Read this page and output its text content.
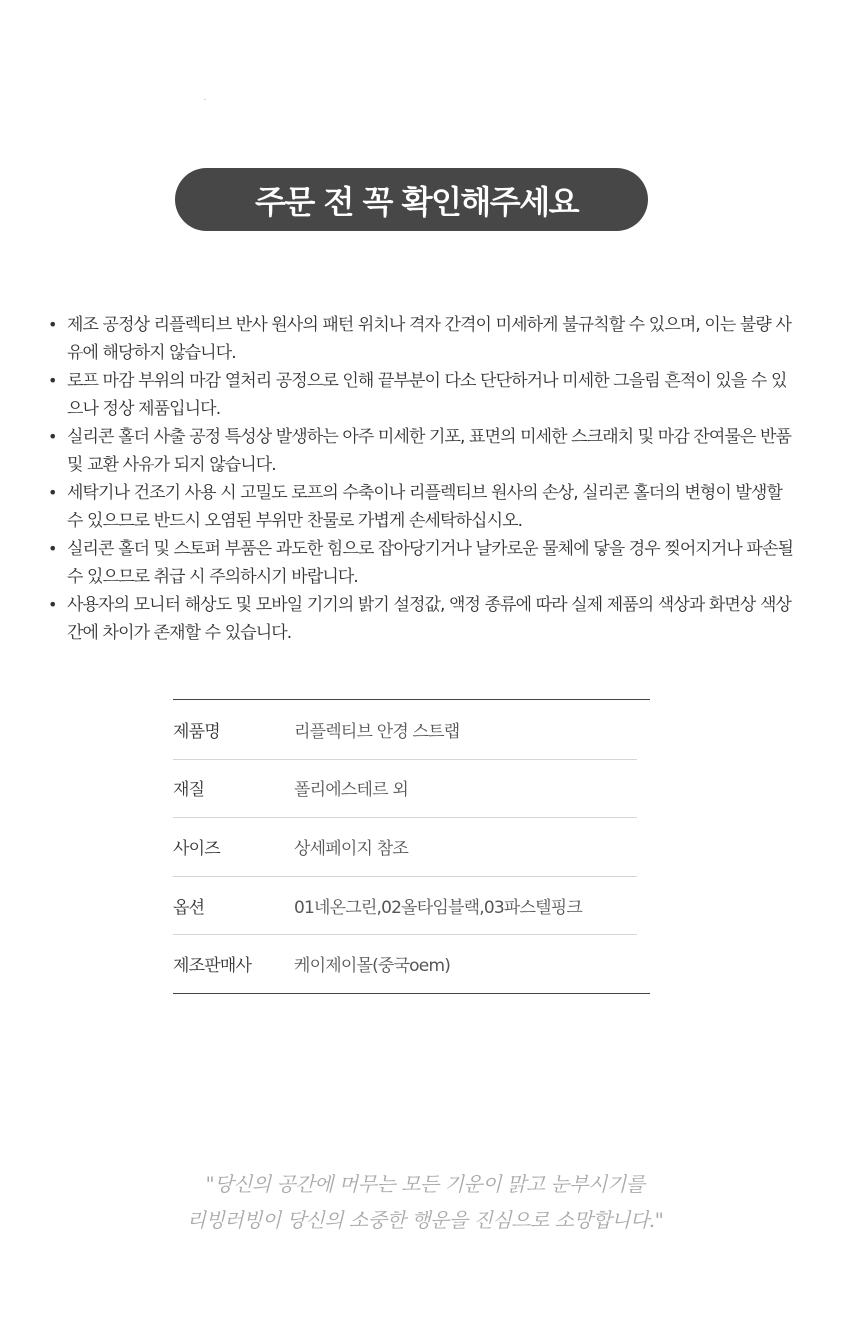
주문 전 꼭 확인해주세요
• 제조 공정상 리플렉티브 반사 원사의 패턴 위치나 격자 간격이 미세하게 불규칙할 수 있으며, 이는 불량 사유에 해당하지 않습니다.
• 로프 마감 부위의 마감 열처리 공정으로 인해 끝부분이 다소 단단하거나 미세한 그을림 흔적이 있을 수 있으나 정상 제품입니다.
• 실리콘 홀더 사출 공정 특성상 발생하는 아주 미세한 기포, 표면의 미세한 스크래치 및 마감 잔여물은 반품 및 교환 사유가 되지 않습니다.
• 세탁기나 건조기 사용 시 고밀도 로프의 수축이나 리플렉티브 원사의 손상, 실리콘 홀더의 변형이 발생할 수 있으므로 반드시 오염된 부위만 찬물로 가볍게 손세탁하십시오.
• 실리콘 홀더 및 스토퍼 부품은 과도한 힘으로 잡아당기거나 날카로운 물체에 닿을 경우 찢어지거나 파손될 수 있으므로 취급 시 주의하시기 바랍니다.
• 사용자의 모니터 해상도 및 모바일 기기의 밝기 설정값, 액정 종류에 따라 실제 제품의 색상과 화면상 색상 간에 차이가 존재할 수 있습니다.
제품명	리플렉티브 안경 스트랩
재질	폴리에스테르 외
사이즈	상세페이지 참조
옵션	01네온그린,02올타임블랙,03파스텔핑크
제조판매사	케이제이몰(중국oem)
"당신의 공간에 머무는 모든 기운이 맑고 눈부시기를
리빙러빙이 당신의 소중한 행운을 진심으로 소망합니다."
